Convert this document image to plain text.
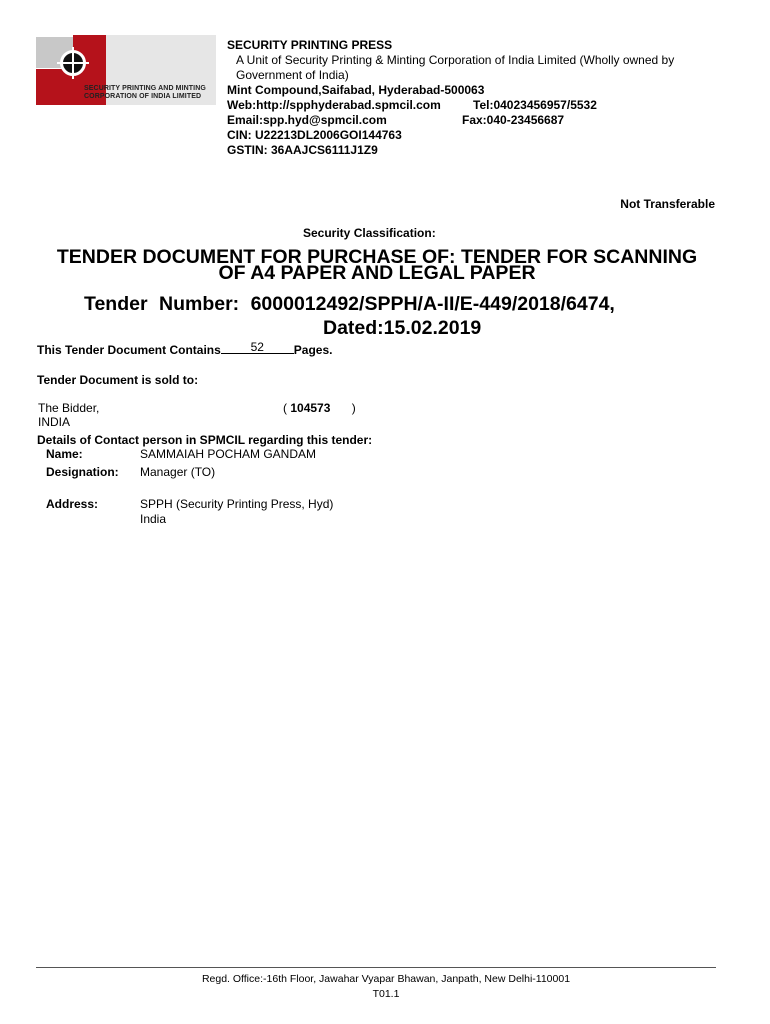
SECURITY PRINTING AND MINTING
CORPORATION OF INDIA LIMITED
SECURITY PRINTING PRESS
A Unit of Security Printing & Minting Corporation of India Limited (Wholly owned by
Government of India)
Mint Compound,Saifabad, Hyderabad-500063
Web:http://spphyderabad.spmcil.com	Tel:04023456957/5532
Email:spp.hyd@spmcil.com	Fax:040-23456687
CIN: U22213DL2006GOI144763
GSTIN: 36AAJCS6111J1Z9
Not Transferable
Security Classification:
TENDER DOCUMENT FOR PURCHASE OF: TENDER FOR SCANNING
OF A4 PAPER AND LEGAL PAPER
Tender Number: 6000012492/SPPH/A-II/E-449/2018/6474,
Dated:15.02.2019
This Tender Document Contains 52 Pages.
Tender Document is sold to:
The Bidder,
INDIA
( 104573 )
Details of Contact person in SPMCIL regarding this tender:
Name:	SAMMAIAH POCHAM GANDAM
Designation: Manager (TO)
Address:	SPPH (Security Printing Press, Hyd)
India
Regd. Office:-16th Floor, Jawahar Vyapar Bhawan, Janpath, New Delhi-110001
T01.1
